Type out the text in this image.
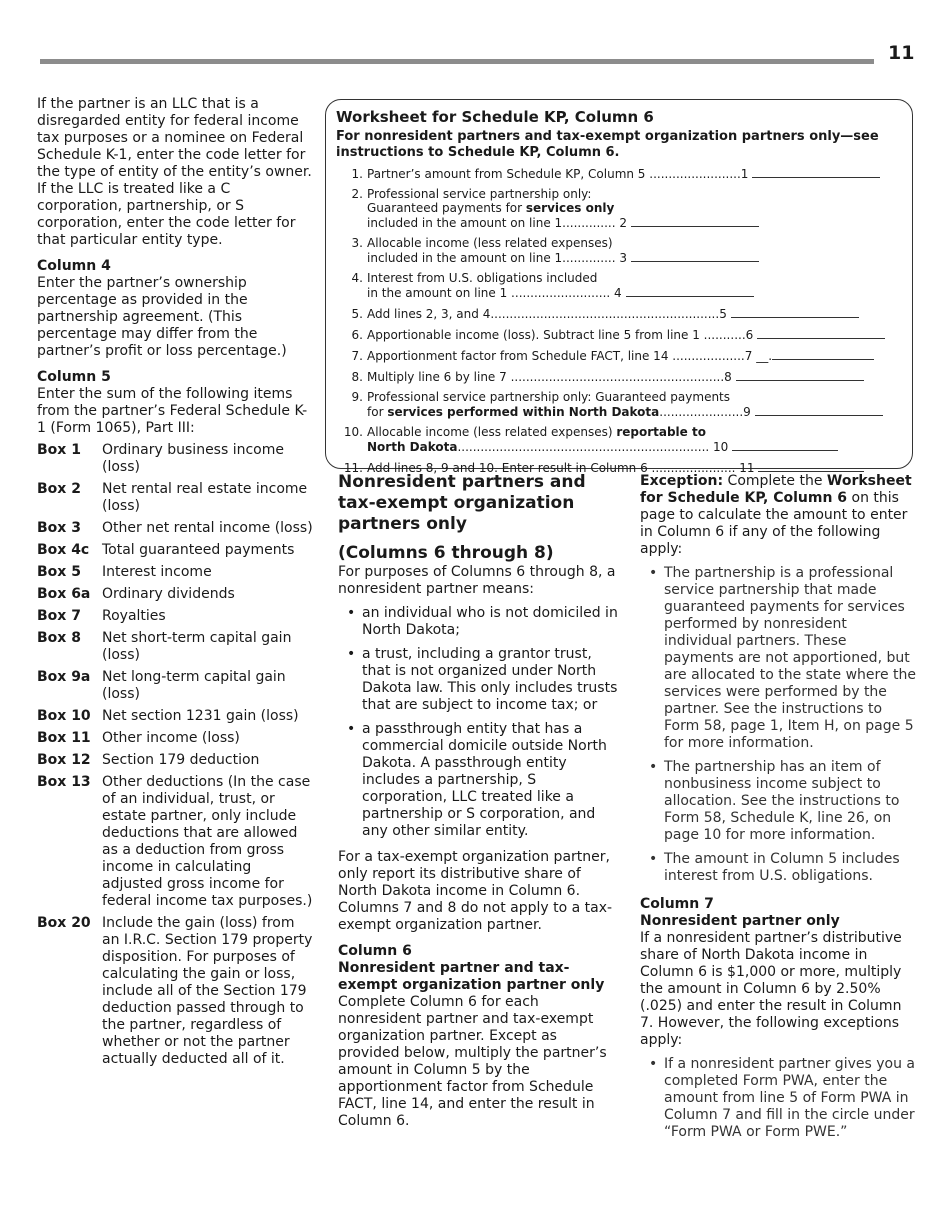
11

If the partner is an LLC that is a disregarded entity for federal income tax purposes or a nominee on Federal Schedule K-1, enter the code letter for the type of entity of the entity’s owner. If the LLC is treated like a C corporation, partnership, or S corporation, enter the code letter for that particular entity type.

Column 4

Enter the partner’s ownership percentage as provided in the partnership agreement. (This percentage may differ from the partner’s profit or loss percentage.)

Column 5

Enter the sum of the following items from the partner’s Federal Schedule K-1 (Form 1065), Part III:

Box 1	Ordinary business income (loss)
Box 2	Net rental real estate income (loss)
Box 3	Other net rental income (loss)
Box 4c Total guaranteed payments
Box 5	Interest income
Box 6a Ordinary dividends
Box 7	Royalties
Box 8	Net short-term capital gain (loss)
Box 9a Net long-term capital gain (loss)
Box 10 Net section 1231 gain (loss)
Box 11 Other income (loss)
Box 12 Section 179 deduction
Box 13 Other deductions (In the case of an individual, trust, or estate partner, only include deductions that are allowed as a deduction from gross income in calculating adjusted gross income for federal income tax purposes.)
Box 20 Include the gain (loss) from an I.R.C. Section 179 property disposition. For purposes of calculating the gain or loss, include all of the Section 179 deduction passed through to the partner, regardless of whether or not the partner actually deducted all of it.

Worksheet for Schedule KP, Column 6

For nonresident partners and tax-exempt organization partners only—see instructions to Schedule KP, Column 6.

1. Partner’s amount from Schedule KP, Column 5 ........................1
2. Professional service partnership only:
Guaranteed payments for services only
included in the amount on line 1.............. 2
3. Allocable income (less related expenses)
included in the amount on line 1.............. 3
4. Interest from U.S. obligations included
in the amount on line 1 .......................... 4
5. Add lines 2, 3, and 4............................................................5
6. Apportionable income (loss). Subtract line 5 from line 1 ...........6
7. Apportionment factor from Schedule FACT, line 14 ...................7 __.
8. Multiply line 6 by line 7 ........................................................8
9. Professional service partnership only: Guaranteed payments
for services performed within North Dakota......................9
10. Allocable income (less related expenses) reportable to
North Dakota.................................................................. 10
11. Add lines 8, 9 and 10. Enter result in Column 6 ...................... 11
Nonresident partners and tax-exempt organization partners only
(Columns 6 through 8)

For purposes of Columns 6 through 8, a nonresident partner means:

• an individual who is not domiciled in North Dakota;
• a trust, including a grantor trust, that is not organized under North Dakota law. This only includes trusts that are subject to income tax; or
• a passthrough entity that has a commercial domicile outside North Dakota. A passthrough entity includes a partnership, S corporation, LLC treated like a partnership or S corporation, and any other similar entity.

For a tax-exempt organization partner, only report its distributive share of North Dakota income in Column 6. Columns 7 and 8 do not apply to a tax-exempt organization partner.

Column 6

Nonresident partner and tax-exempt organization partner only

Complete Column 6 for each nonresident partner and tax-exempt organization partner. Except as provided below, multiply the partner’s amount in Column 5 by the apportionment factor from Schedule FACT, line 14, and enter the result in Column 6.

Exception: Complete the Worksheet for Schedule KP, Column 6 on this page to calculate the amount to enter in Column 6 if any of the following apply:

• The partnership is a professional service partnership that made guaranteed payments for services performed by nonresident individual partners. These payments are not apportioned, but are allocated to the state where the services were performed by the partner. See the instructions to Form 58, page 1, Item H, on page 5 for more information.
• The partnership has an item of nonbusiness income subject to allocation. See the instructions to Form 58, Schedule K, line 26, on page 10 for more information.
• The amount in Column 5 includes interest from U.S. obligations.

Column 7

Nonresident partner only

If a nonresident partner’s distributive share of North Dakota income in Column 6 is $1,000 or more, multiply the amount in Column 6 by 2.50% (.025) and enter the result in Column 7. However, the following exceptions apply:

• If a nonresident partner gives you a completed Form PWA, enter the amount from line 5 of Form PWA in Column 7 and fill in the circle under “Form PWA or Form PWE.”
